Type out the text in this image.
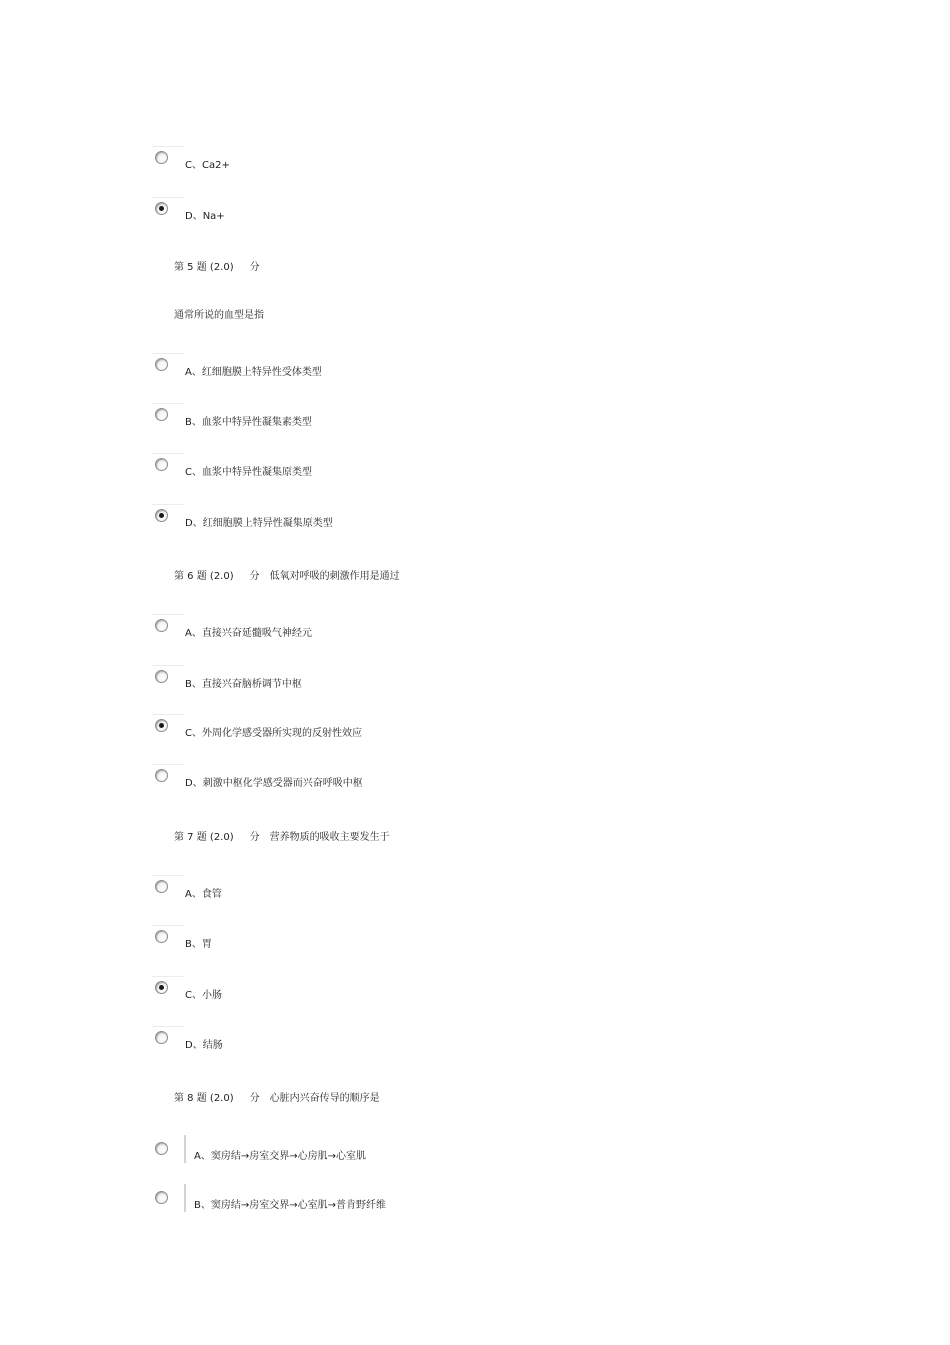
C、Ca2+
D、Na+
第 5 题 (2.0) 分
通常所说的血型是指
A、红细胞膜上特异性受体类型
B、血浆中特异性凝集素类型
C、血浆中特异性凝集原类型
D、红细胞膜上特异性凝集原类型
第 6 题 (2.0) 分 低氧对呼吸的刺激作用是通过
A、直接兴奋延髓吸气神经元
B、直接兴奋脑桥调节中枢
C、外周化学感受器所实现的反射性效应
D、刺激中枢化学感受器而兴奋呼吸中枢
第 7 题 (2.0) 分 营养物质的吸收主要发生于
A、食管
B、胃
C、小肠
D、结肠
第 8 题 (2.0) 分 心脏内兴奋传导的顺序是
A、窦房结→房室交界→心房肌→心室肌
B、窦房结→房室交界→心室肌→普肯野纤维
